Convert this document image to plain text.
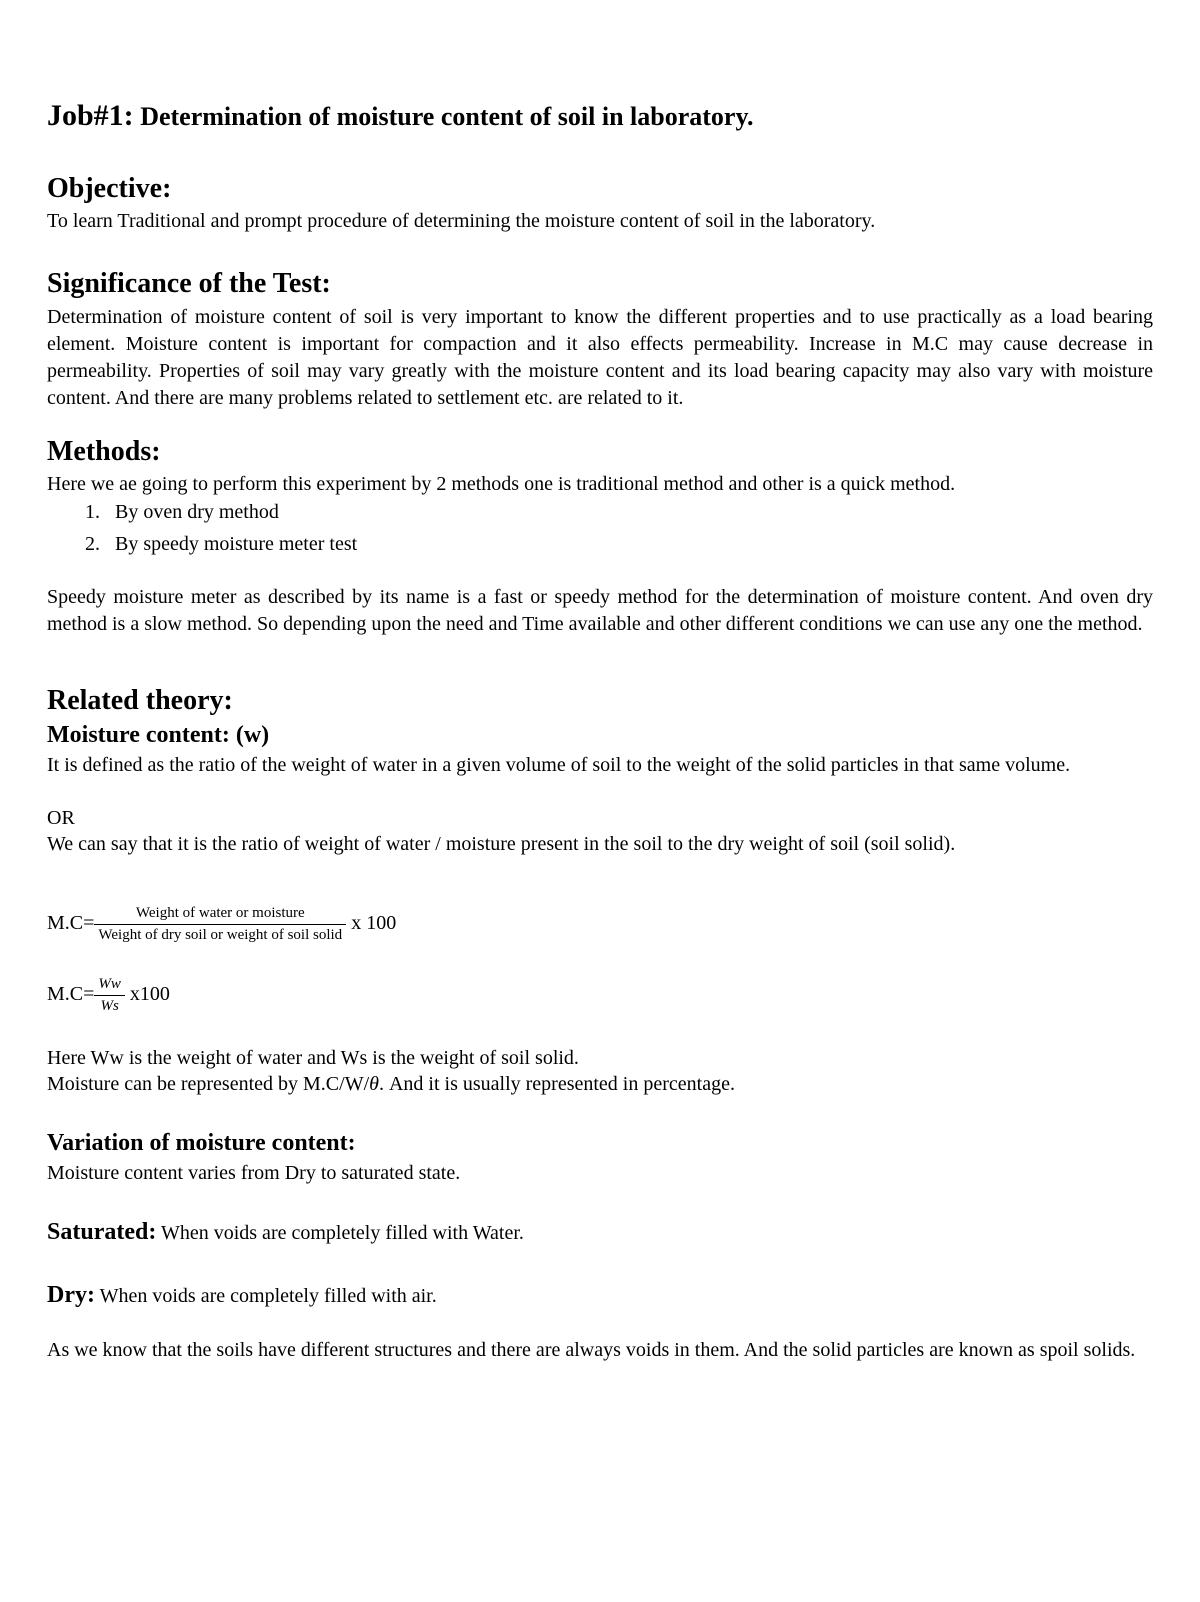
Job#1: Determination of moisture content of soil in laboratory.
Objective:

To learn Traditional and prompt procedure of determining the moisture content of soil in the laboratory.

Significance of the Test:

Determination of moisture content of soil is very important to know the different properties and to use practically as a load bearing element. Moisture content is important for compaction and it also effects permeability. Increase in M.C may cause decrease in permeability. Properties of soil may vary greatly with the moisture content and its load bearing capacity may also vary with moisture content. And there are many problems related to settlement etc. are related to it.

Methods:

Here we ae going to perform this experiment by 2 methods one is traditional method and other is a quick method.

1. By oven dry method
2. By speedy moisture meter test

Speedy moisture meter as described by its name is a fast or speedy method for the determination of moisture content. And oven dry method is a slow method. So depending upon the need and Time available and other different conditions we can use any one the method.

Related theory:
Moisture content: (w)

It is defined as the ratio of the weight of water in a given volume of soil to the weight of the solid particles in that same volume.

OR

We can say that it is the ratio of weight of water / moisture present in the soil to the dry weight of soil (soil solid).

$M.C= \frac{\text{Weight of water or moisture}}{\text{Weight of dry soil or weight of soil solid}}$ x 100
$M.C= \frac{Ww}{Ws} x100$

Here Ww is the weight of water and Ws is the weight of soil solid.

Moisture can be represented by M.C/W/θ. And it is usually represented in percentage.

Variation of moisture content:

Moisture content varies from Dry to saturated state.

Saturated: When voids are completely filled with Water.

Dry: When voids are completely filled with air.

As we know that the soils have different structures and there are always voids in them. And the solid particles are known as spoil solids.
